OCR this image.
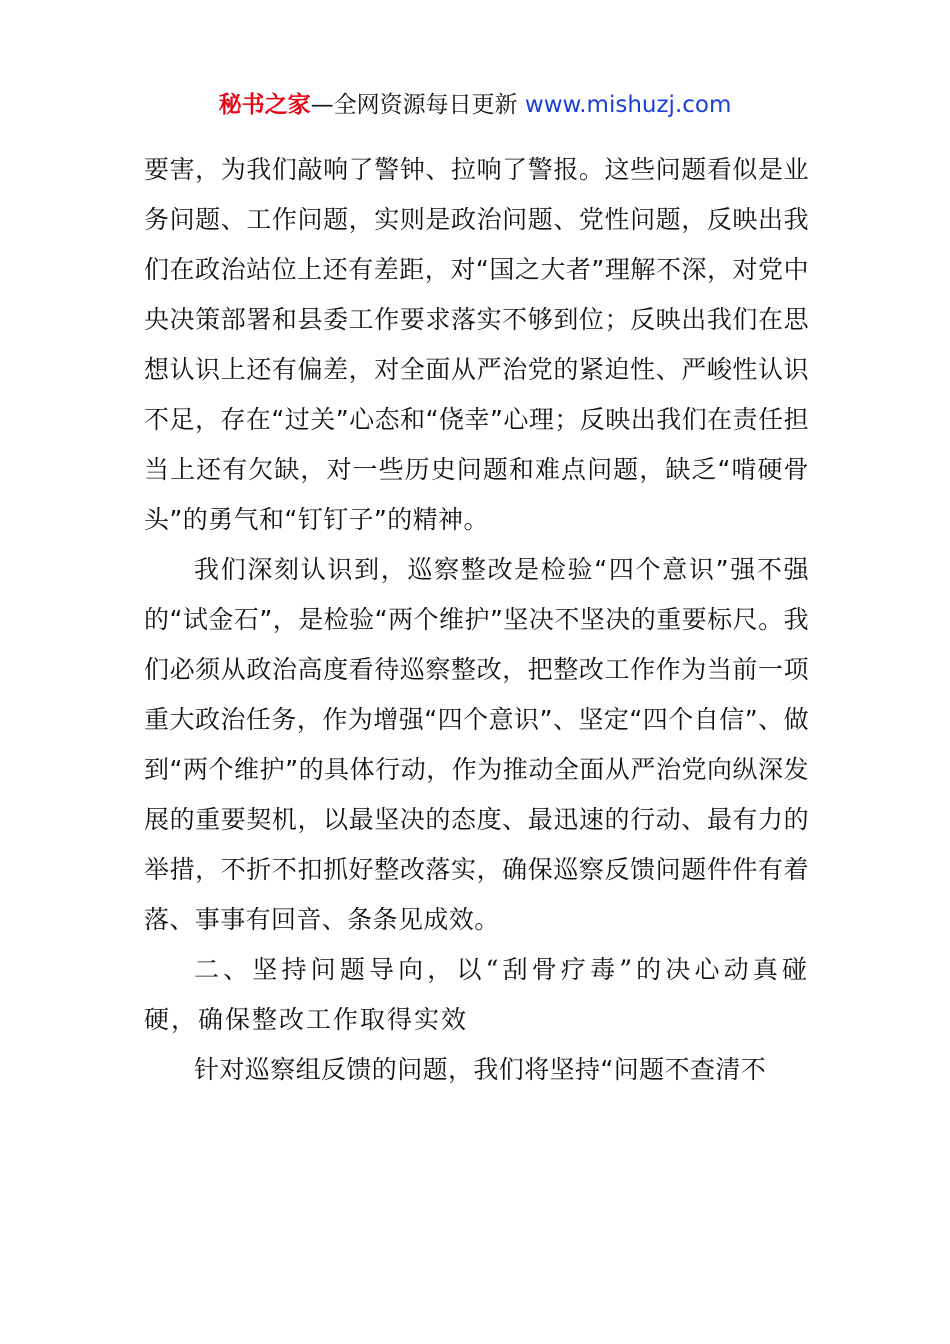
秘书之家—全网资源每日更新 www.mishuzj.com

要害，为我们敲响了警钟、拉响了警报。这些问题看似是业务问题、工作问题，实则是政治问题、党性问题，反映出我们在政治站位上还有差距，对“国之大者”理解不深，对党中央决策部署和县委工作要求落实不够到位；反映出我们在思想认识上还有偏差，对全面从严治党的紧迫性、严峻性认识不足，存在“过关”心态和“侥幸”心理；反映出我们在责任担当上还有欠缺，对一些历史问题和难点问题，缺乏“啃硬骨头”的勇气和“钉钉子”的精神。

我们深刻认识到，巡察整改是检验“四个意识”强不强的“试金石”，是检验“两个维护”坚决不坚决的重要标尺。我们必须从政治高度看待巡察整改，把整改工作作为当前一项重大政治任务，作为增强“四个意识”、坚定“四个自信”、做到“两个维护”的具体行动，作为推动全面从严治党向纵深发展的重要契机，以最坚决的态度、最迅速的行动、最有力的举措，不折不扣抓好整改落实，确保巡察反馈问题件件有着落、事事有回音、条条见成效。

二、坚持问题导向，以“刮骨疗毒”的决心动真碰硬，确保整改工作取得实效

针对巡察组反馈的问题，我们将坚持“问题不查清不
